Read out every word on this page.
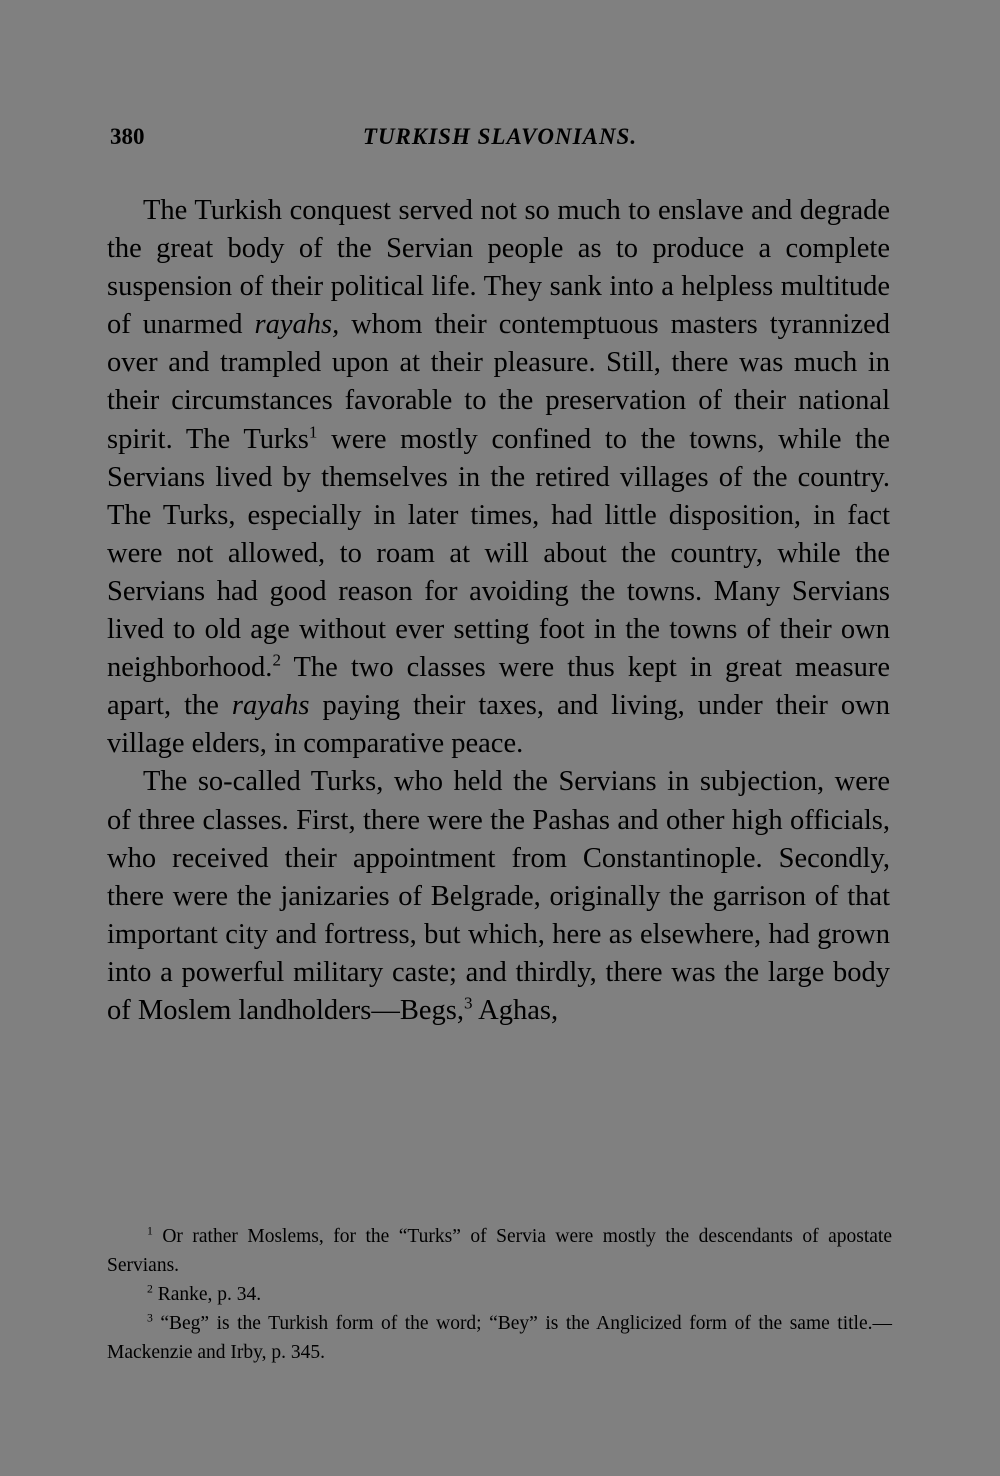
380	TURKISH SLAVONIANS.

The Turkish conquest served not so much to enslave and degrade the great body of the Servian people as to produce a complete suspension of their political life. They sank into a helpless multitude of unarmed rayahs, whom their contemptuous masters tyrannized over and trampled upon at their pleasure. Still, there was much in their circumstances favorable to the preservation of their national spirit. The Turks$^1$ were mostly confined to the towns, while the Servians lived by themselves in the retired villages of the country. The Turks, especially in later times, had little disposition, in fact were not allowed, to roam at will about the country, while the Servians had good reason for avoiding the towns. Many Servians lived to old age without ever setting foot in the towns of their own neighborhood.$^2$ The two classes were thus kept in great measure apart, the rayahs paying their taxes, and living, under their own village elders, in comparative peace.

The so-called Turks, who held the Servians in subjection, were of three classes. First, there were the Pashas and other high officials, who received their appointment from Constantinople. Secondly, there were the janizaries of Belgrade, originally the garrison of that important city and fortress, but which, here as elsewhere, had grown into a powerful military caste; and thirdly, there was the large body of Moslem landholders—Begs,$^3$ Aghas,

$^1$ Or rather Moslems, for the “Turks” of Servia were mostly the descendants of apostate Servians.

$^2$ Ranke, p. 34.

$^3$ “Beg” is the Turkish form of the word; “Bey” is the Anglicized form of the same title.—Mackenzie and Irby, p. 345.
